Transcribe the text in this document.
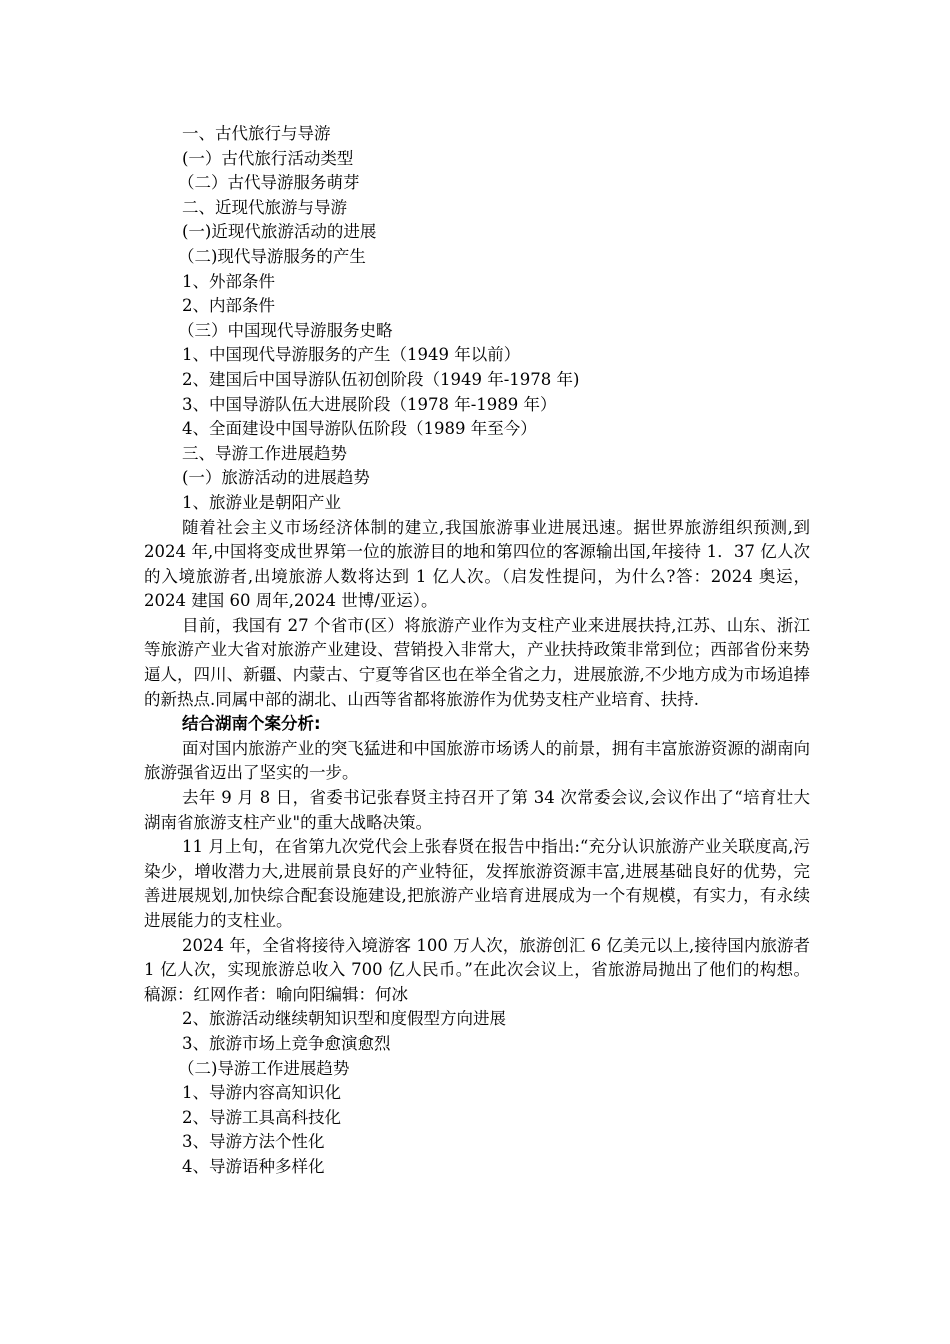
一、古代旅行与导游
(一）古代旅行活动类型
（二）古代导游服务萌芽
二、近现代旅游与导游
(一)近现代旅游活动的进展
（二)现代导游服务的产生
1、外部条件
2、内部条件
（三）中国现代导游服务史略
1、中国现代导游服务的产生（1949 年以前）
2、建国后中国导游队伍初创阶段（1949 年-1978 年)
3、中国导游队伍大进展阶段（1978 年-1989 年）
4、全面建设中国导游队伍阶段（1989 年至今）
三、导游工作进展趋势
(一）旅游活动的进展趋势
1、旅游业是朝阳产业

随着社会主义市场经济体制的建立,我国旅游事业进展迅速。据世界旅游组织预测,到 2024 年,中国将变成世界第一位的旅游目的地和第四位的客源输出国,年接待 1．37 亿人次的入境旅游者,出境旅游人数将达到 1 亿人次。（启发性提问，为什么?答：2024 奥运，2024 建国 60 周年,2024 世博/亚运）。

目前，我国有 27 个省市(区）将旅游产业作为支柱产业来进展扶持,江苏、山东、浙江等旅游产业大省对旅游产业建设、营销投入非常大，产业扶持政策非常到位；西部省份来势逼人，四川、新疆、内蒙古、宁夏等省区也在举全省之力，进展旅游,不少地方成为市场追捧的新热点.同属中部的湖北、山西等省都将旅游作为优势支柱产业培育、扶持.

结合湖南个案分析:

面对国内旅游产业的突飞猛进和中国旅游市场诱人的前景，拥有丰富旅游资源的湖南向旅游强省迈出了坚实的一步。

去年 9 月 8 日，省委书记张春贤主持召开了第 34 次常委会议,会议作出了“培育壮大湖南省旅游支柱产业"的重大战略决策。

11 月上旬，在省第九次党代会上张春贤在报告中指出:“充分认识旅游产业关联度高,污染少，增收潜力大,进展前景良好的产业特征，发挥旅游资源丰富,进展基础良好的优势，完善进展规划,加快综合配套设施建设,把旅游产业培育进展成为一个有规模，有实力，有永续进展能力的支柱业。

2024 年，全省将接待入境游客 100 万人次，旅游创汇 6 亿美元以上,接待国内旅游者 1 亿人次，实现旅游总收入 700 亿人民币。”在此次会议上，省旅游局抛出了他们的构想。稿源：红网作者：喻向阳编辑：何冰

2、旅游活动继续朝知识型和度假型方向进展
3、旅游市场上竞争愈演愈烈
（二)导游工作进展趋势
1、导游内容高知识化
2、导游工具高科技化
3、导游方法个性化
4、导游语种多样化
